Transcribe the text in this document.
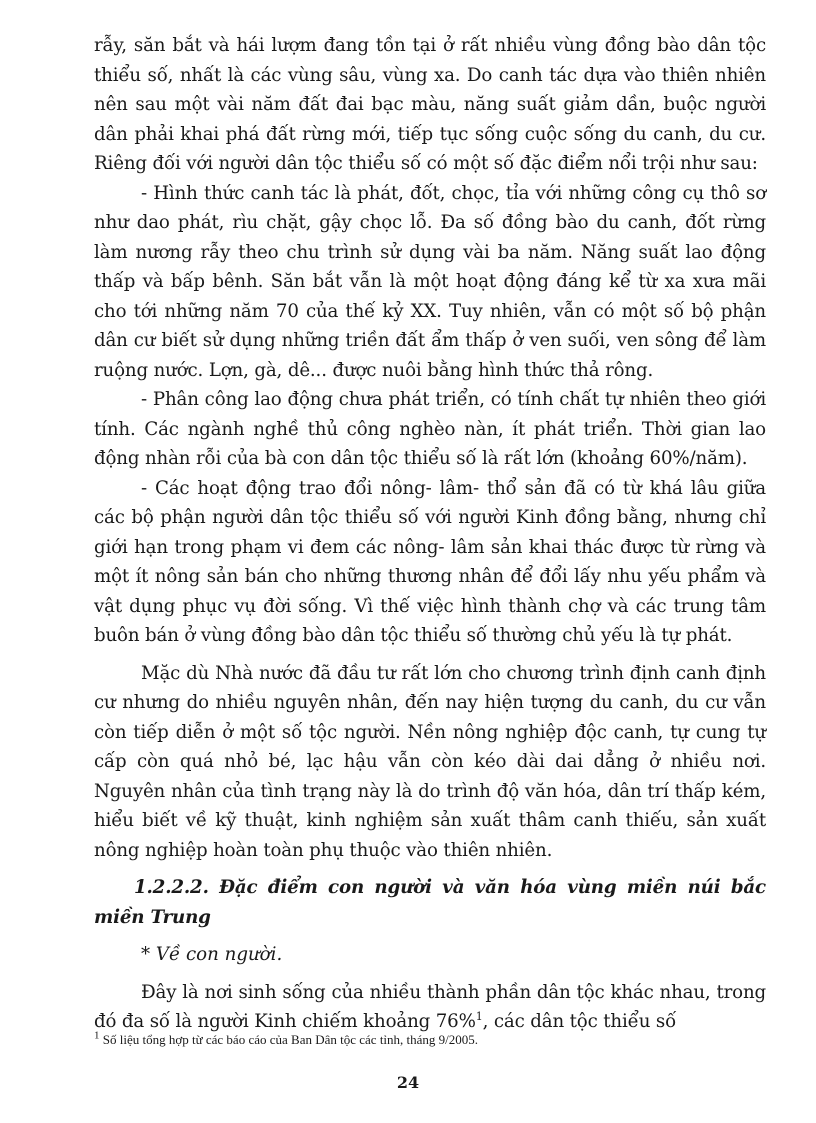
rẫy, săn bắt và hái lượm đang tồn tại ở rất nhiều vùng đồng bào dân tộc thiểu số, nhất là các vùng sâu, vùng xa. Do canh tác dựa vào thiên nhiên nên sau một vài năm đất đai bạc màu, năng suất giảm dần, buộc người dân phải khai phá đất rừng mới, tiếp tục sống cuộc sống du canh, du cư. Riêng đối với người dân tộc thiểu số có một số đặc điểm nổi trội như sau:

- Hình thức canh tác là phát, đốt, chọc, tỉa với những công cụ thô sơ như dao phát, rìu chặt, gậy chọc lỗ. Đa số đồng bào du canh, đốt rừng làm nương rẫy theo chu trình sử dụng vài ba năm. Năng suất lao động thấp và bấp bênh. Săn bắt vẫn là một hoạt động đáng kể từ xa xưa mãi cho tới những năm 70 của thế kỷ XX. Tuy nhiên, vẫn có một số bộ phận dân cư biết sử dụng những triền đất ẩm thấp ở ven suối, ven sông để làm ruộng nước. Lợn, gà, dê... được nuôi bằng hình thức thả rông.

- Phân công lao động chưa phát triển, có tính chất tự nhiên theo giới tính. Các ngành nghề thủ công nghèo nàn, ít phát triển. Thời gian lao động nhàn rỗi của bà con dân tộc thiểu số là rất lớn (khoảng 60%/năm).

- Các hoạt động trao đổi nông- lâm- thổ sản đã có từ khá lâu giữa các bộ phận người dân tộc thiểu số với người Kinh đồng bằng, nhưng chỉ giới hạn trong phạm vi đem các nông- lâm sản khai thác được từ rừng và một ít nông sản bán cho những thương nhân để đổi lấy nhu yếu phẩm và vật dụng phục vụ đời sống. Vì thế việc hình thành chợ và các trung tâm buôn bán ở vùng đồng bào dân tộc thiểu số thường chủ yếu là tự phát.

Mặc dù Nhà nước đã đầu tư rất lớn cho chương trình định canh định cư nhưng do nhiều nguyên nhân, đến nay hiện tượng du canh, du cư vẫn còn tiếp diễn ở một số tộc người. Nền nông nghiệp độc canh, tự cung tự cấp còn quá nhỏ bé, lạc hậu vẫn còn kéo dài dai dẳng ở nhiều nơi. Nguyên nhân của tình trạng này là do trình độ văn hóa, dân trí thấp kém, hiểu biết về kỹ thuật, kinh nghiệm sản xuất thâm canh thiếu, sản xuất nông nghiệp hoàn toàn phụ thuộc vào thiên nhiên.

1.2.2.2. Đặc điểm con người và văn hóa vùng miền núi bắc miền Trung

* Về con người.

Đây là nơi sinh sống của nhiều thành phần dân tộc khác nhau, trong đó đa số là người Kinh chiếm khoảng 76%$^1$, các dân tộc thiểu số

$^1$ Số liệu tổng hợp từ các báo cáo của Ban Dân tộc các tỉnh, tháng 9/2005.

24
